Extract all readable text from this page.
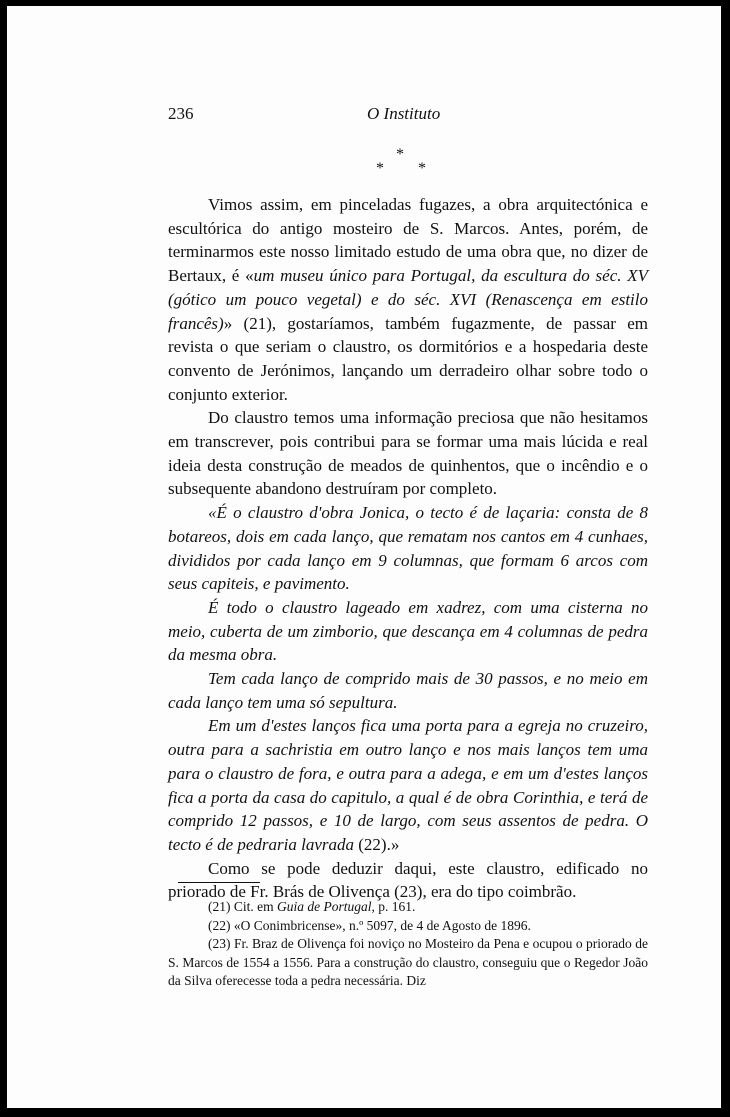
236	O Instituto
*
* *

Vimos assim, em pinceladas fugazes, a obra arquitectónica e escultórica do antigo mosteiro de S. Marcos. Antes, porém, de terminarmos este nosso limitado estudo de uma obra que, no dizer de Bertaux, é «um museu único para Portugal, da escultura do séc. XV (gótico um pouco vegetal) e do séc. XVI (Renascença em estilo francês)» (21), gostaríamos, também fugazmente, de passar em revista o que seriam o claustro, os dormitórios e a hospedaria deste convento de Jerónimos, lançando um derradeiro olhar sobre todo o conjunto exterior.

Do claustro temos uma informação preciosa que não hesitamos em transcrever, pois contribui para se formar uma mais lúcida e real ideia desta construção de meados de quinhentos, que o incêndio e o subsequente abandono destruíram por completo.

«É o claustro d'obra Jonica, o tecto é de laçaria: consta de 8 botareos, dois em cada lanço, que rematam nos cantos em 4 cunhaes, divididos por cada lanço em 9 columnas, que formam 6 arcos com seus capiteis, e pavimento.

É todo o claustro lageado em xadrez, com uma cisterna no meio, cuberta de um zimborio, que descança em 4 columnas de pedra da mesma obra.

Tem cada lanço de comprido mais de 30 passos, e no meio em cada lanço tem uma só sepultura.

Em um d'estes lanços fica uma porta para a egreja no cruzeiro, outra para a sachristia em outro lanço e nos mais lanços tem uma para o claustro de fora, e outra para a adega, e em um d'estes lanços fica a porta da casa do capitulo, a qual é de obra Corinthia, e terá de comprido 12 passos, e 10 de largo, com seus assentos de pedra. O tecto é de pedraria lavrada (22).»

Como se pode deduzir daqui, este claustro, edificado no priorado de Fr. Brás de Olivença (23), era do tipo coimbrão.

(21) Cit. em Guia de Portugal, p. 161.

(22) «O Conimbricense», n.º 5097, de 4 de Agosto de 1896.

(23) Fr. Braz de Olivença foi noviço no Mosteiro da Pena e ocupou o priorado de S. Marcos de 1554 a 1556. Para a construção do claustro, conseguiu que o Regedor João da Silva oferecesse toda a pedra necessária. Diz
